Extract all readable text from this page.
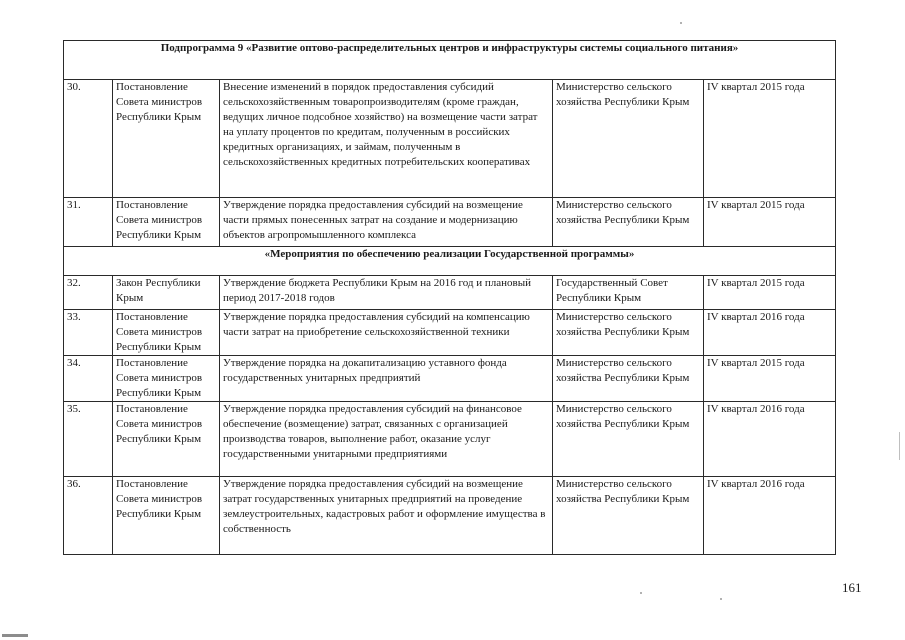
Подпрограмма 9 «Развитие оптово-распределительных центров и инфраструктуры системы социального питания»				
30.	Постановление Совета министров Республики Крым	Внесение изменений в порядок предоставления субсидий сельскохозяйственным товаропроизводителям (кроме граждан, ведущих личное подсобное хозяйство) на возмещение части затрат на уплату процентов по кредитам, полученным в российских кредитных организациях, и займам, полученным в сельскохозяйственных кредитных потребительских кооперативах	Министерство сельского хозяйства Республики Крым	IV квартал 2015 года
31.	Постановление Совета министров Республики Крым	Утверждение порядка предоставления субсидий на возмещение части прямых понесенных затрат на создание и модернизацию объектов агропромышленного комплекса	Министерство сельского хозяйства Республики Крым	IV квартал 2015 года
«Мероприятия по обеспечению реализации Государственной программы»				
32.	Закон Республики Крым	Утверждение бюджета Республики Крым на 2016 год и плановый период 2017-2018 годов	Государственный Совет Республики Крым	IV квартал 2015 года
33.	Постановление Совета министров Республики Крым	Утверждение порядка предоставления субсидий на компенсацию части затрат на приобретение сельскохозяйственной техники	Министерство сельского хозяйства Республики Крым	IV квартал 2016 года
34.	Постановление Совета министров Республики Крым	Утверждение порядка на докапитализацию уставного фонда государственных унитарных предприятий	Министерство сельского хозяйства Республики Крым	IV квартал 2015 года
35.	Постановление Совета министров Республики Крым	Утверждение порядка предоставления субсидий на финансовое обеспечение (возмещение) затрат, связанных с организацией производства товаров, выполнение работ, оказание услуг государственными унитарными предприятиями	Министерство сельского хозяйства Республики Крым	IV квартал 2016 года
36.	Постановление Совета министров Республики Крым	Утверждение порядка предоставления субсидий на возмещение затрат государственных унитарных предприятий на проведение землеустроительных, кадастровых работ и оформление имущества в собственность	Министерство сельского хозяйства Республики Крым	IV квартал 2016 года
161
